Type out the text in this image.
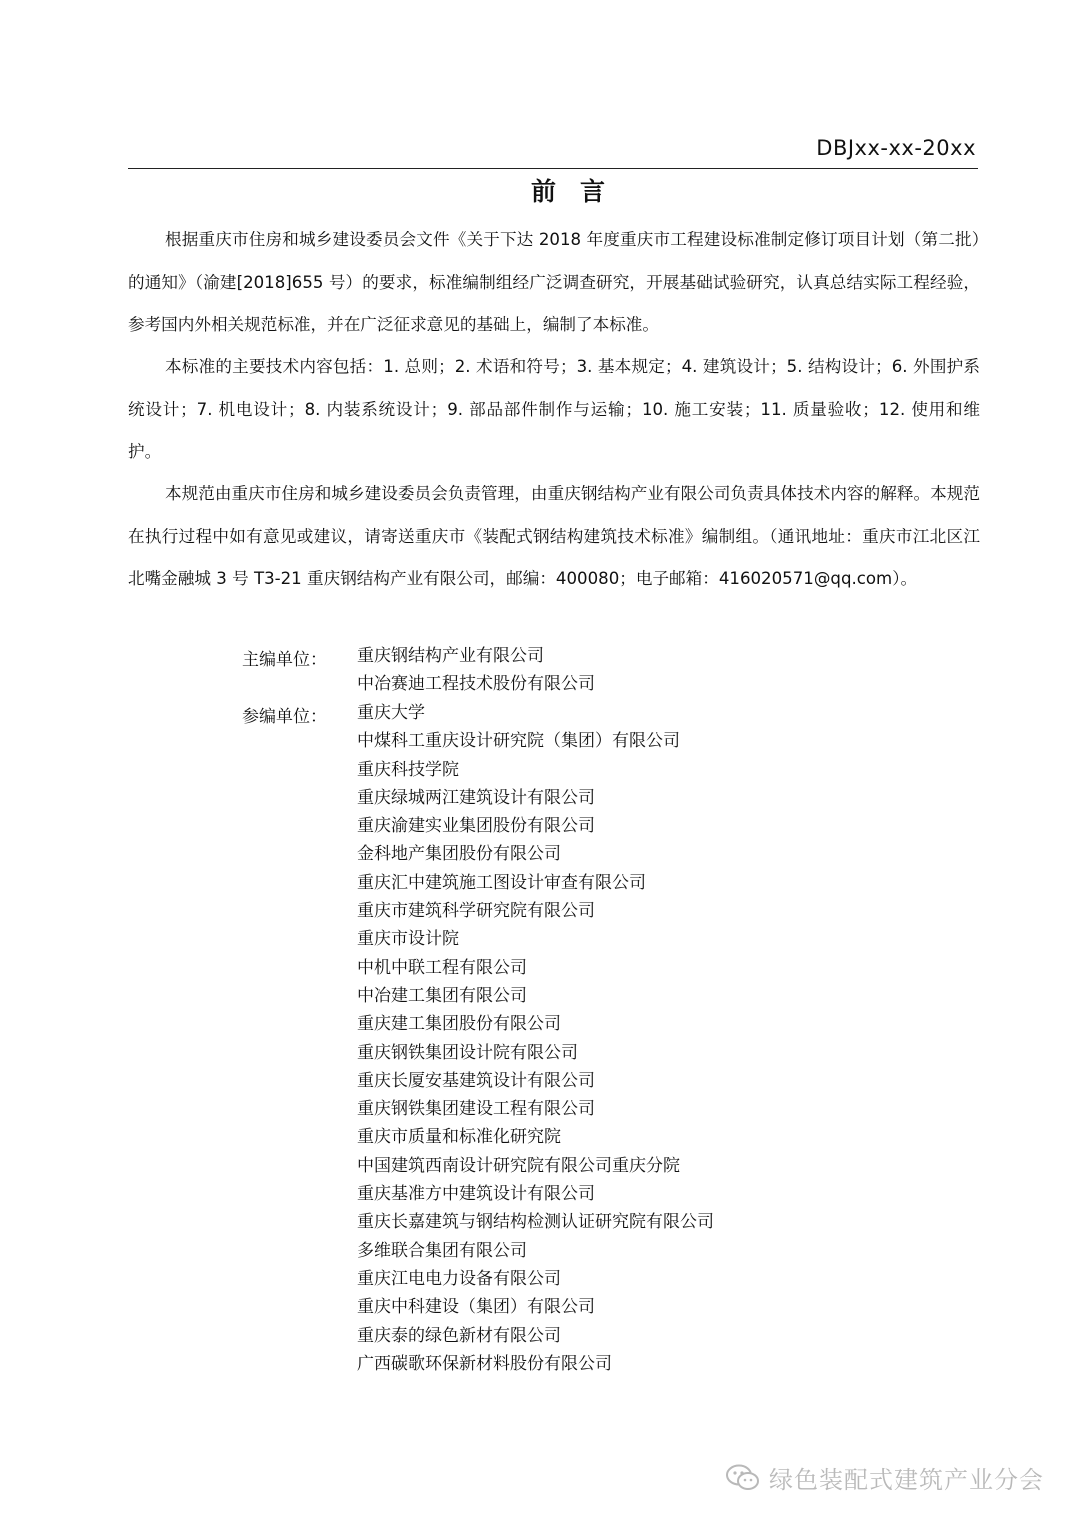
DBJxx-xx-20xx
前言

根据重庆市住房和城乡建设委员会文件《关于下达 2018 年度重庆市工程建设标准制定修订项目计划（第二批）的通知》（渝建[2018]655 号）的要求，标准编制组经广泛调查研究，开展基础试验研究，认真总结实际工程经验，参考国内外相关规范标准，并在广泛征求意见的基础上，编制了本标准。

本标准的主要技术内容包括：1. 总则；2. 术语和符号；3. 基本规定；4. 建筑设计；5. 结构设计；6. 外围护系统设计；7. 机电设计；8. 内装系统设计；9. 部品部件制作与运输；10. 施工安装；11. 质量验收；12. 使用和维护。

本规范由重庆市住房和城乡建设委员会负责管理，由重庆钢结构产业有限公司负责具体技术内容的解释。本规范在执行过程中如有意见或建议，请寄送重庆市《装配式钢结构建筑技术标准》编制组。（通讯地址：重庆市江北区江北嘴金融城 3 号 T3-21 重庆钢结构产业有限公司，邮编：400080；电子邮箱：416020571@qq.com）。

主编单位： 重庆钢结构产业有限公司
中冶赛迪工程技术股份有限公司
参编单位： 重庆大学
中煤科工重庆设计研究院（集团）有限公司
重庆科技学院
重庆绿城两江建筑设计有限公司
重庆渝建实业集团股份有限公司
金科地产集团股份有限公司
重庆汇中建筑施工图设计审查有限公司
重庆市建筑科学研究院有限公司
重庆市设计院
中机中联工程有限公司
中冶建工集团有限公司
重庆建工集团股份有限公司
重庆钢铁集团设计院有限公司
重庆长厦安基建筑设计有限公司
重庆钢铁集团建设工程有限公司
重庆市质量和标准化研究院
中国建筑西南设计研究院有限公司重庆分院
重庆基准方中建筑设计有限公司
重庆长嘉建筑与钢结构检测认证研究院有限公司
多维联合集团有限公司
重庆江电电力设备有限公司
重庆中科建设（集团）有限公司
重庆泰的绿色新材有限公司
广西碳歌环保新材料股份有限公司
绿色装配式建筑产业分会
